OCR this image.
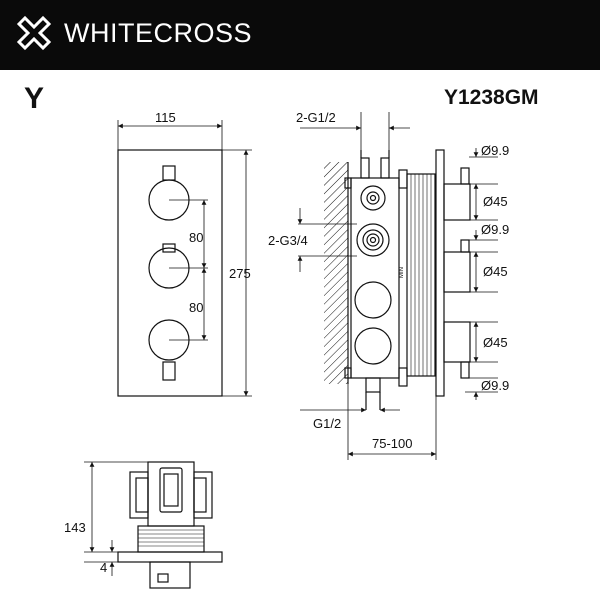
WHITECROSS
Y	Y1238GM
115
80
80
275
2-G1/2
2-G3/4
G1/2
75-100
MIN
Ø9.9
Ø45
Ø9.9
Ø45
Ø45
Ø9.9
143
4
